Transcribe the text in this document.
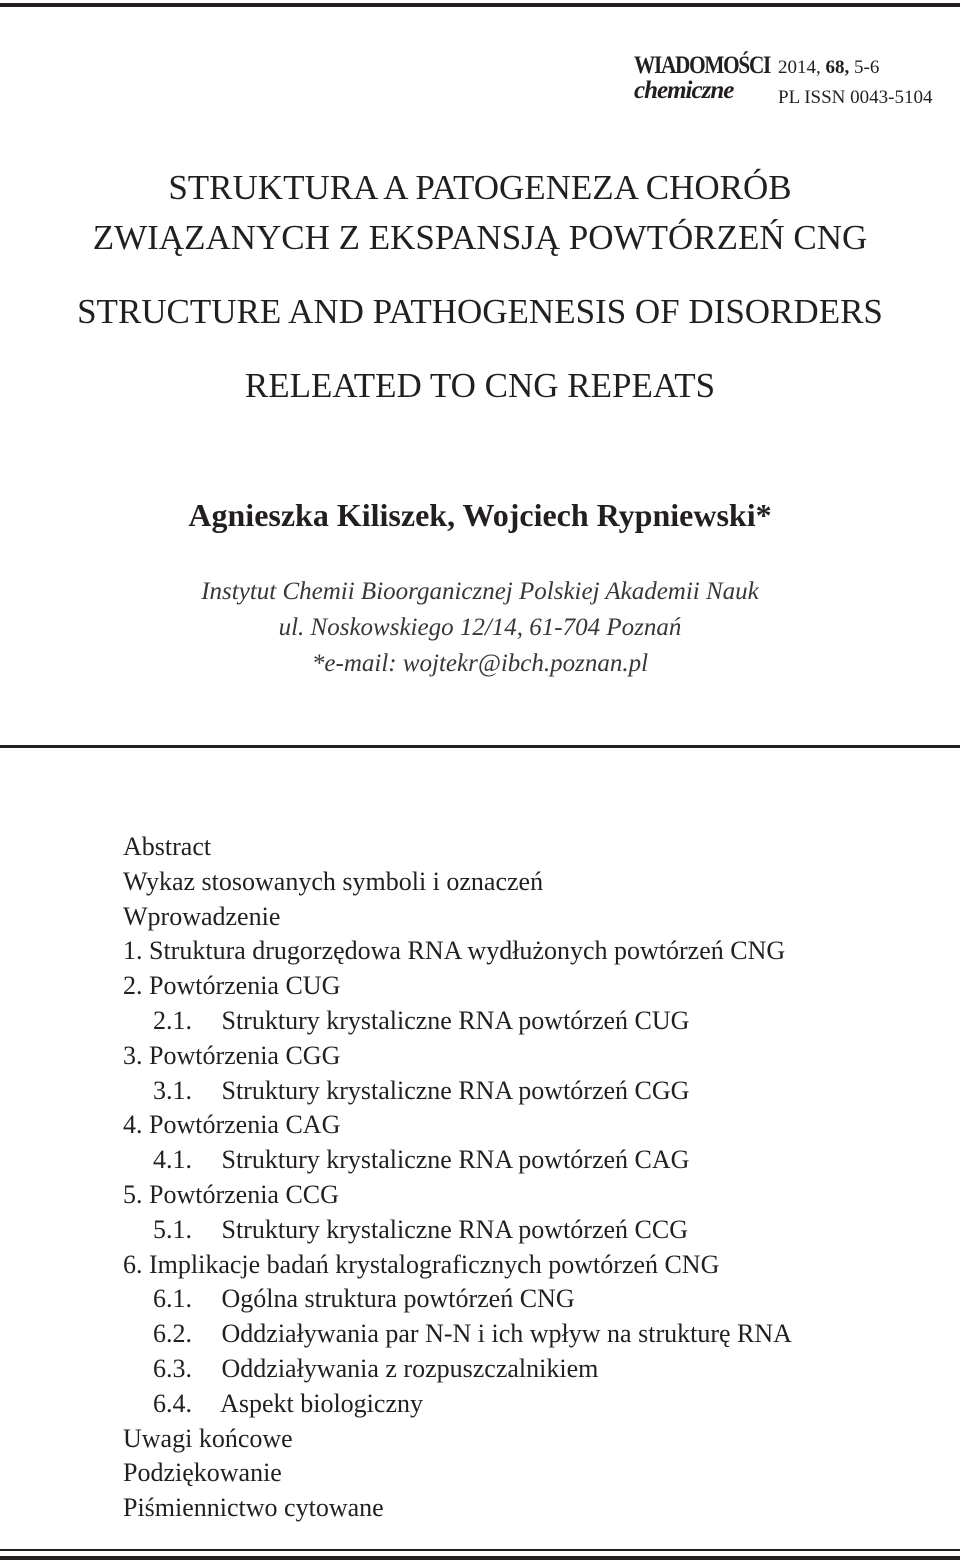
WIADOMOŚCI
chemiczne
2014, 68, 5-6
PL ISSN 0043-5104
STRUKTURA A PATOGENEZA CHORÓB
ZWIĄZANYCH Z EKSPANSJĄ POWTÓRZEŃ CNG
STRUCTURE AND PATHOGENESIS OF DISORDERS
RELEATED TO CNG REPEATS
Agnieszka Kiliszek, Wojciech Rypniewski*
Instytut Chemii Bioorganicznej Polskiej Akademii Nauk
ul. Noskowskiego 12/14, 61-704 Poznań
*e-mail: wojtekr@ibch.poznan.pl
Abstract
Wykaz stosowanych symboli i oznaczeń
Wprowadzenie
1. Struktura drugorzędowa RNA wydłużonych powtórzeń CNG
2. Powtórzenia CUG
2.1. Struktury krystaliczne RNA powtórzeń CUG
3. Powtórzenia CGG
3.1. Struktury krystaliczne RNA powtórzeń CGG
4. Powtórzenia CAG
4.1. Struktury krystaliczne RNA powtórzeń CAG
5. Powtórzenia CCG
5.1. Struktury krystaliczne RNA powtórzeń CCG
6. Implikacje badań krystalograficznych powtórzeń CNG
6.1. Ogólna struktura powtórzeń CNG
6.2. Oddziaływania par N-N i ich wpływ na strukturę RNA
6.3. Oddziaływania z rozpuszczalnikiem
6.4. Aspekt biologiczny
Uwagi końcowe
Podziękowanie
Piśmiennictwo cytowane
